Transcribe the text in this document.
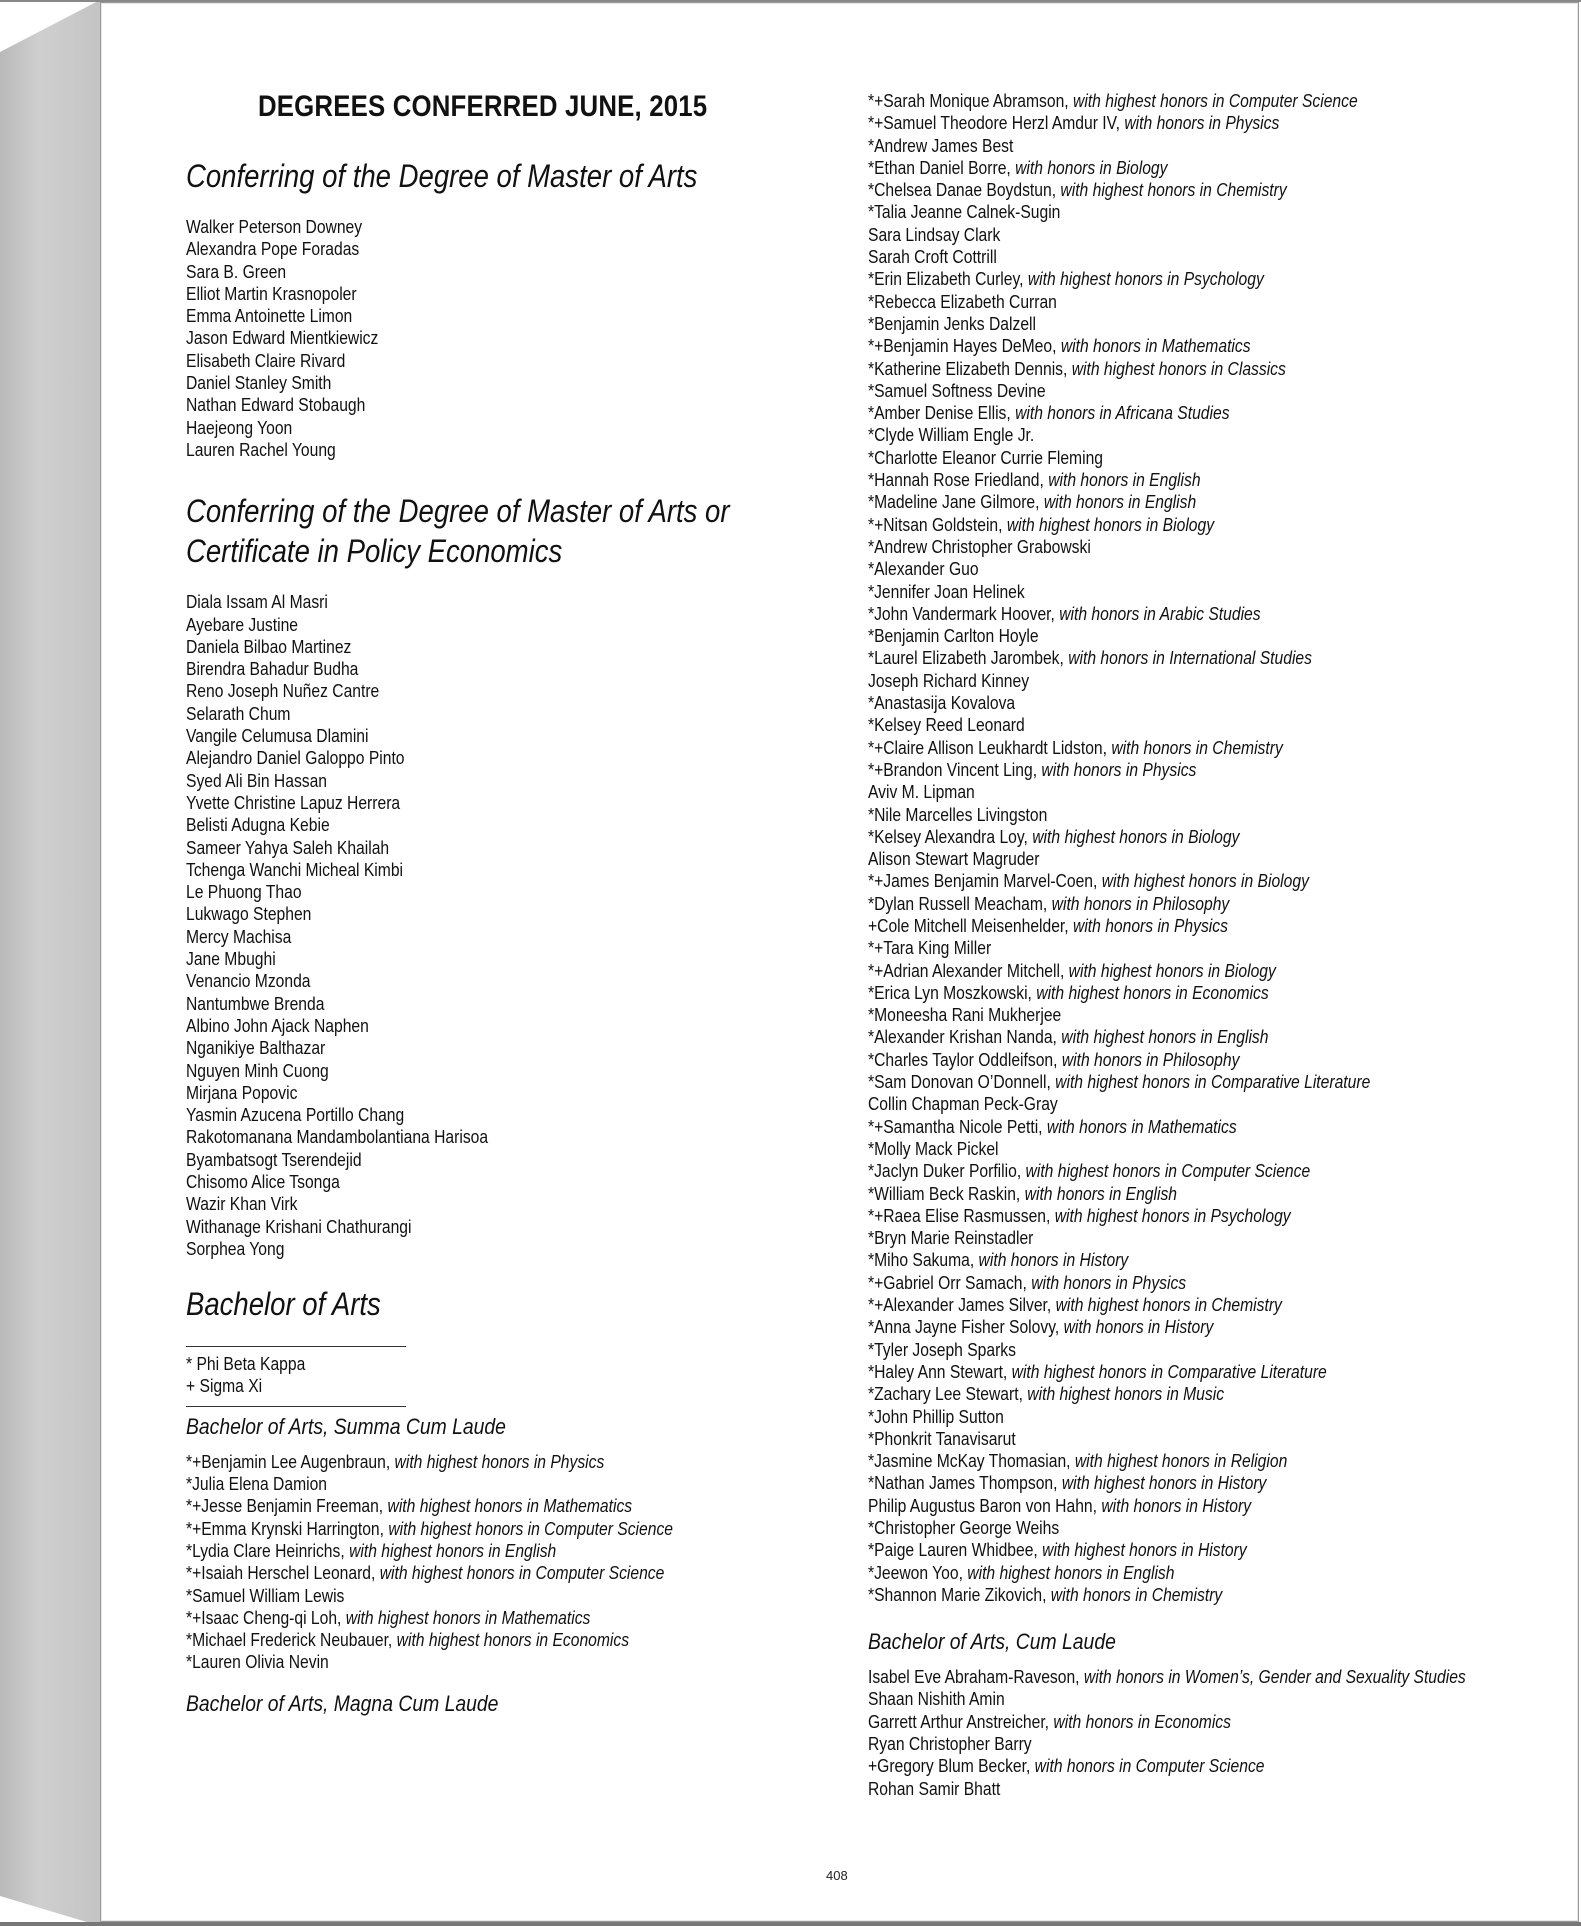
DEGREES CONFERRED JUNE, 2015
Conferring of the Degree of Master of Arts
Walker Peterson Downey
Alexandra Pope Foradas
Sara B. Green
Elliot Martin Krasnopoler
Emma Antoinette Limon
Jason Edward Mientkiewicz
Elisabeth Claire Rivard
Daniel Stanley Smith
Nathan Edward Stobaugh
Haejeong Yoon
Lauren Rachel Young
Conferring of the Degree of Master of Arts or
Certificate in Policy Economics
Diala Issam Al Masri
Ayebare Justine
Daniela Bilbao Martinez
Birendra Bahadur Budha
Reno Joseph Nuñez Cantre
Selarath Chum
Vangile Celumusa Dlamini
Alejandro Daniel Galoppo Pinto
Syed Ali Bin Hassan
Yvette Christine Lapuz Herrera
Belisti Adugna Kebie
Sameer Yahya Saleh Khailah
Tchenga Wanchi Micheal Kimbi
Le Phuong Thao
Lukwago Stephen
Mercy Machisa
Jane Mbughi
Venancio Mzonda
Nantumbwe Brenda
Albino John Ajack Naphen
Nganikiye Balthazar
Nguyen Minh Cuong
Mirjana Popovic
Yasmin Azucena Portillo Chang
Rakotomanana Mandambolantiana Harisoa
Byambatsogt Tserendejid
Chisomo Alice Tsonga
Wazir Khan Virk
Withanage Krishani Chathurangi
Sorphea Yong
Bachelor of Arts
* Phi Beta Kappa
+ Sigma Xi
Bachelor of Arts, Summa Cum Laude
*+Benjamin Lee Augenbraun, with highest honors in Physics
*Julia Elena Damion
*+Jesse Benjamin Freeman, with highest honors in Mathematics
*+Emma Krynski Harrington, with highest honors in Computer Science
*Lydia Clare Heinrichs, with highest honors in English
*+Isaiah Herschel Leonard, with highest honors in Computer Science
*Samuel William Lewis
*+Isaac Cheng-qi Loh, with highest honors in Mathematics
*Michael Frederick Neubauer, with highest honors in Economics
*Lauren Olivia Nevin
Bachelor of Arts, Magna Cum Laude
*+Sarah Monique Abramson, with highest honors in Computer Science
*+Samuel Theodore Herzl Amdur IV, with honors in Physics
*Andrew James Best
*Ethan Daniel Borre, with honors in Biology
*Chelsea Danae Boydstun, with highest honors in Chemistry
*Talia Jeanne Calnek-Sugin
Sara Lindsay Clark
Sarah Croft Cottrill
*Erin Elizabeth Curley, with highest honors in Psychology
*Rebecca Elizabeth Curran
*Benjamin Jenks Dalzell
*+Benjamin Hayes DeMeo, with honors in Mathematics
*Katherine Elizabeth Dennis, with highest honors in Classics
*Samuel Softness Devine
*Amber Denise Ellis, with honors in Africana Studies
*Clyde William Engle Jr.
*Charlotte Eleanor Currie Fleming
*Hannah Rose Friedland, with honors in English
*Madeline Jane Gilmore, with honors in English
*+Nitsan Goldstein, with highest honors in Biology
*Andrew Christopher Grabowski
*Alexander Guo
*Jennifer Joan Helinek
*John Vandermark Hoover, with honors in Arabic Studies
*Benjamin Carlton Hoyle
*Laurel Elizabeth Jarombek, with honors in International Studies
Joseph Richard Kinney
*Anastasija Kovalova
*Kelsey Reed Leonard
*+Claire Allison Leukhardt Lidston, with honors in Chemistry
*+Brandon Vincent Ling, with honors in Physics
Aviv M. Lipman
*Nile Marcelles Livingston
*Kelsey Alexandra Loy, with highest honors in Biology
Alison Stewart Magruder
*+James Benjamin Marvel-Coen, with highest honors in Biology
*Dylan Russell Meacham, with honors in Philosophy
+Cole Mitchell Meisenhelder, with honors in Physics
*+Tara King Miller
*+Adrian Alexander Mitchell, with highest honors in Biology
*Erica Lyn Moszkowski, with highest honors in Economics
*Moneesha Rani Mukherjee
*Alexander Krishan Nanda, with highest honors in English
*Charles Taylor Oddleifson, with honors in Philosophy
*Sam Donovan O’Donnell, with highest honors in Comparative Literature
Collin Chapman Peck-Gray
*+Samantha Nicole Petti, with honors in Mathematics
*Molly Mack Pickel
*Jaclyn Duker Porfilio, with highest honors in Computer Science
*William Beck Raskin, with honors in English
*+Raea Elise Rasmussen, with highest honors in Psychology
*Bryn Marie Reinstadler
*Miho Sakuma, with honors in History
*+Gabriel Orr Samach, with honors in Physics
*+Alexander James Silver, with highest honors in Chemistry
*Anna Jayne Fisher Solovy, with honors in History
*Tyler Joseph Sparks
*Haley Ann Stewart, with highest honors in Comparative Literature
*Zachary Lee Stewart, with highest honors in Music
*John Phillip Sutton
*Phonkrit Tanavisarut
*Jasmine McKay Thomasian, with highest honors in Religion
*Nathan James Thompson, with highest honors in History
Philip Augustus Baron von Hahn, with honors in History
*Christopher George Weihs
*Paige Lauren Whidbee, with highest honors in History
*Jeewon Yoo, with highest honors in English
*Shannon Marie Zikovich, with honors in Chemistry
Bachelor of Arts, Cum Laude
Isabel Eve Abraham-Raveson, with honors in Women’s, Gender and Sexuality Studies
Shaan Nishith Amin
Garrett Arthur Anstreicher, with honors in Economics
Ryan Christopher Barry
+Gregory Blum Becker, with honors in Computer Science
Rohan Samir Bhatt
408
